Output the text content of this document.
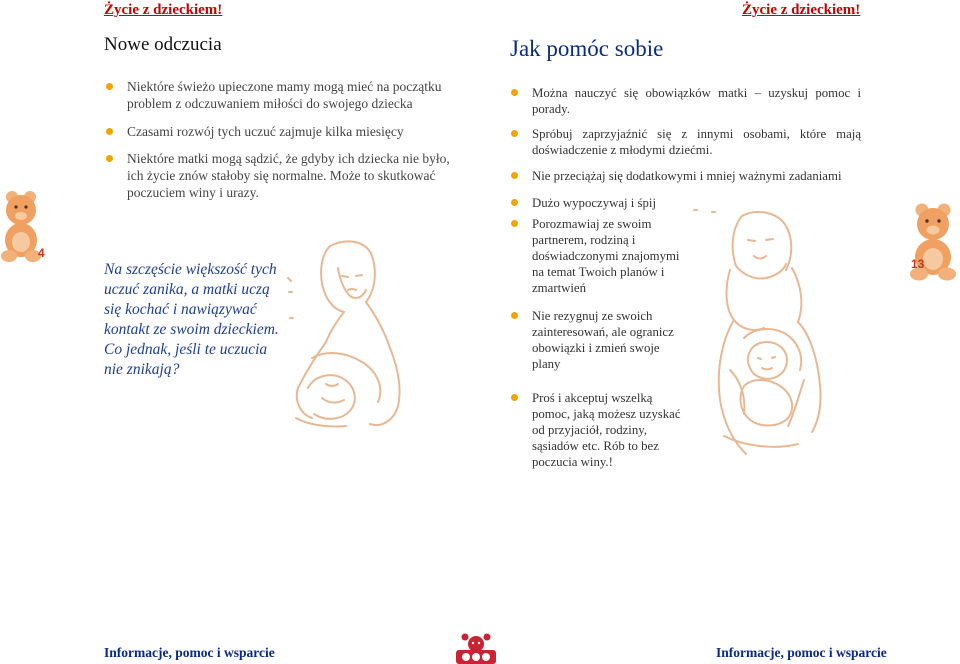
Życie z dzieckiem!	Życie z dzieckiem!
Nowe odczucia	Jak pomóc sobie
Niektóre świeżo upieczone mamy mogą mieć na początku problem z odczuwaniem miłości do swojego dziecka
Czasami rozwój tych uczuć zajmuje kilka miesięcy
Niektóre matki mogą sądzić, że gdyby ich dziecka nie było, ich życie znów stałoby się normalne. Może to skutkować poczuciem winy i urazy.
Na szczęście większość tych uczuć zanika, a matki uczą się kochać i nawiązywać kontakt ze swoim dzieckiem. Co jednak, jeśli te uczucia nie znikają?
Można nauczyć się obowiązków matki – uzyskuj pomoc i porady.
Spróbuj zaprzyjaźnić się z innymi osobami, które mają doświadczenie z młodymi dziećmi.
Nie przeciążaj się dodatkowymi i mniej ważnymi zadaniami
Dużo wypoczywaj i śpij
Porozmawiaj ze swoim partnerem, rodziną i doświadczonymi znajomymi na temat Twoich planów i zmartwień
Nie rezygnuj ze swoich zainteresowań, ale ogranicz obowiązki i zmień swoje plany
Proś i akceptuj wszelką pomoc, jaką możesz uzyskać od przyjaciół, rodziny, sąsiadów etc. Rób to bez poczucia winy.!
4
13
Informacje, pomoc i wsparcie	Informacje, pomoc i wsparcie
